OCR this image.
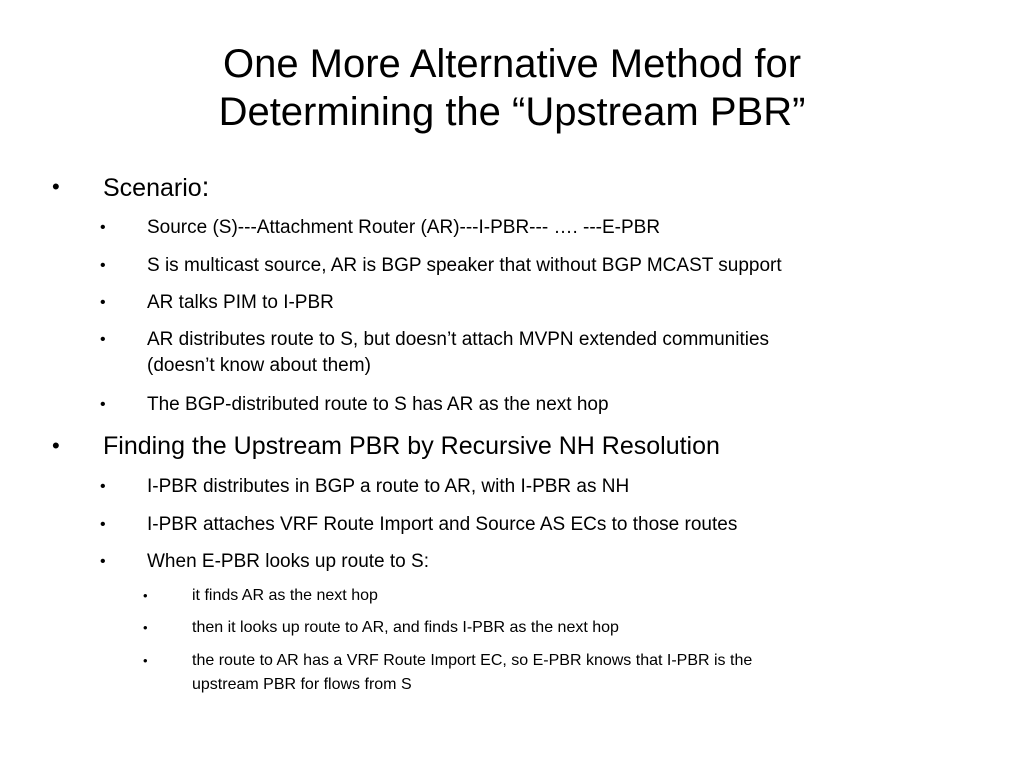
One More Alternative Method for
Determining the “Upstream PBR”
• Scenario:
• Source (S)---Attachment Router (AR)---I-PBR--- …. ---E-PBR
• S is multicast source, AR is BGP speaker that without BGP MCAST support
• AR talks PIM to I-PBR
• AR distributes route to S, but doesn’t attach MVPN extended communities
(doesn’t know about them)
• The BGP-distributed route to S has AR as the next hop
• Finding the Upstream PBR by Recursive NH Resolution
• I-PBR distributes in BGP a route to AR, with I-PBR as NH
• I-PBR attaches VRF Route Import and Source AS ECs to those routes
• When E-PBR looks up route to S:
•	it finds AR as the next hop
•	then it looks up route to AR, and finds I-PBR as the next hop
•	the route to AR has a VRF Route Import EC, so E-PBR knows that I-PBR is the
upstream PBR for flows from S
